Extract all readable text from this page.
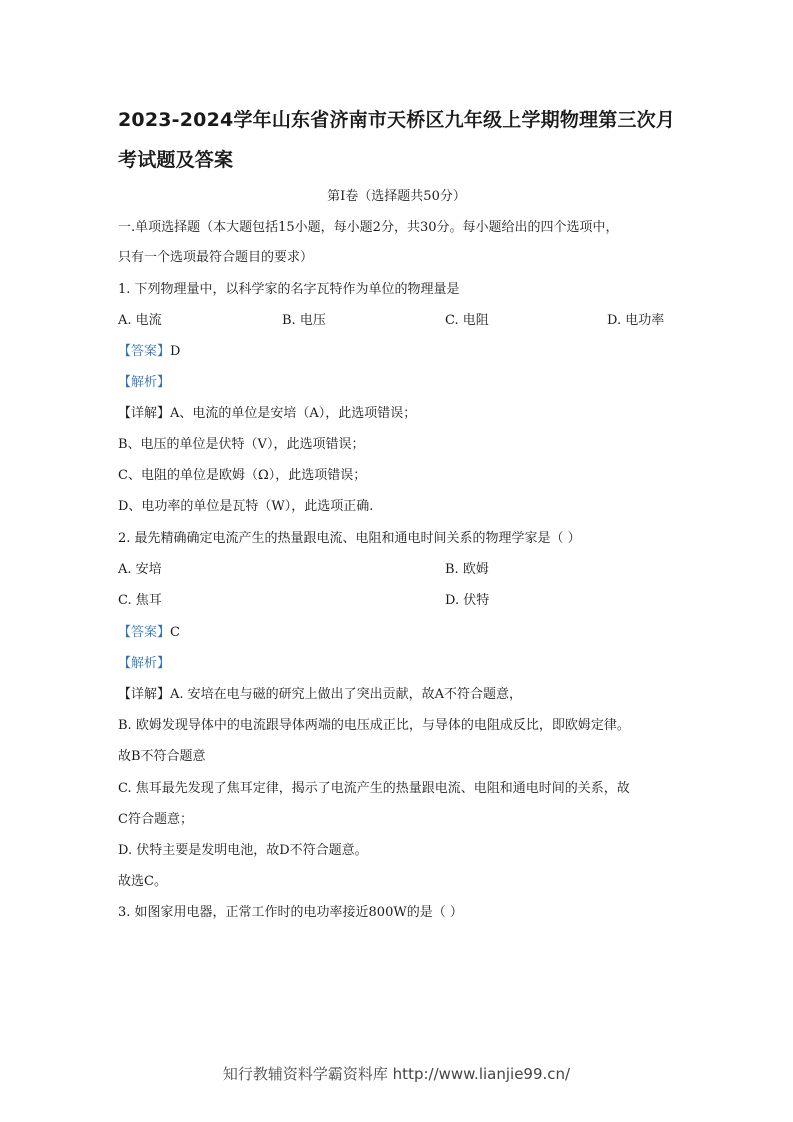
2023-2024学年山东省济南市天桥区九年级上学期物理第三次月考试题及答案
第I卷（选择题共50分）
一.单项选择题（本大题包括15小题，每小题2分，共30分。每小题给出的四个选项中，
只有一个选项最符合题目的要求）
1. 下列物理量中，以科学家的名字瓦特作为单位的物理量是
A. 电流	B. 电压	C. 电阻	D. 电功率
【答案】D
【解析】
【详解】A、电流的单位是安培（A），此选项错误；
B、电压的单位是伏特（V），此选项错误；
C、电阻的单位是欧姆（Ω），此选项错误；
D、电功率的单位是瓦特（W），此选项正确.
2. 最先精确确定电流产生的热量跟电流、电阻和通电时间关系的物理学家是（ ）
A. 安培	B. 欧姆
C. 焦耳	D. 伏特
【答案】C
【解析】
【详解】A. 安培在电与磁的研究上做出了突出贡献，故A不符合题意，
B. 欧姆发现导体中的电流跟导体两端的电压成正比，与导体的电阻成反比，即欧姆定律。
故B不符合题意
C. 焦耳最先发现了焦耳定律，揭示了电流产生的热量跟电流、电阻和通电时间的关系，故
C符合题意；
D. 伏特主要是发明电池，故D不符合题意。
故选C。
3. 如图家用电器，正常工作时的电功率接近800W的是（ ）
知行教辅资料学霸资料库 http://www.lianjie99.cn/
